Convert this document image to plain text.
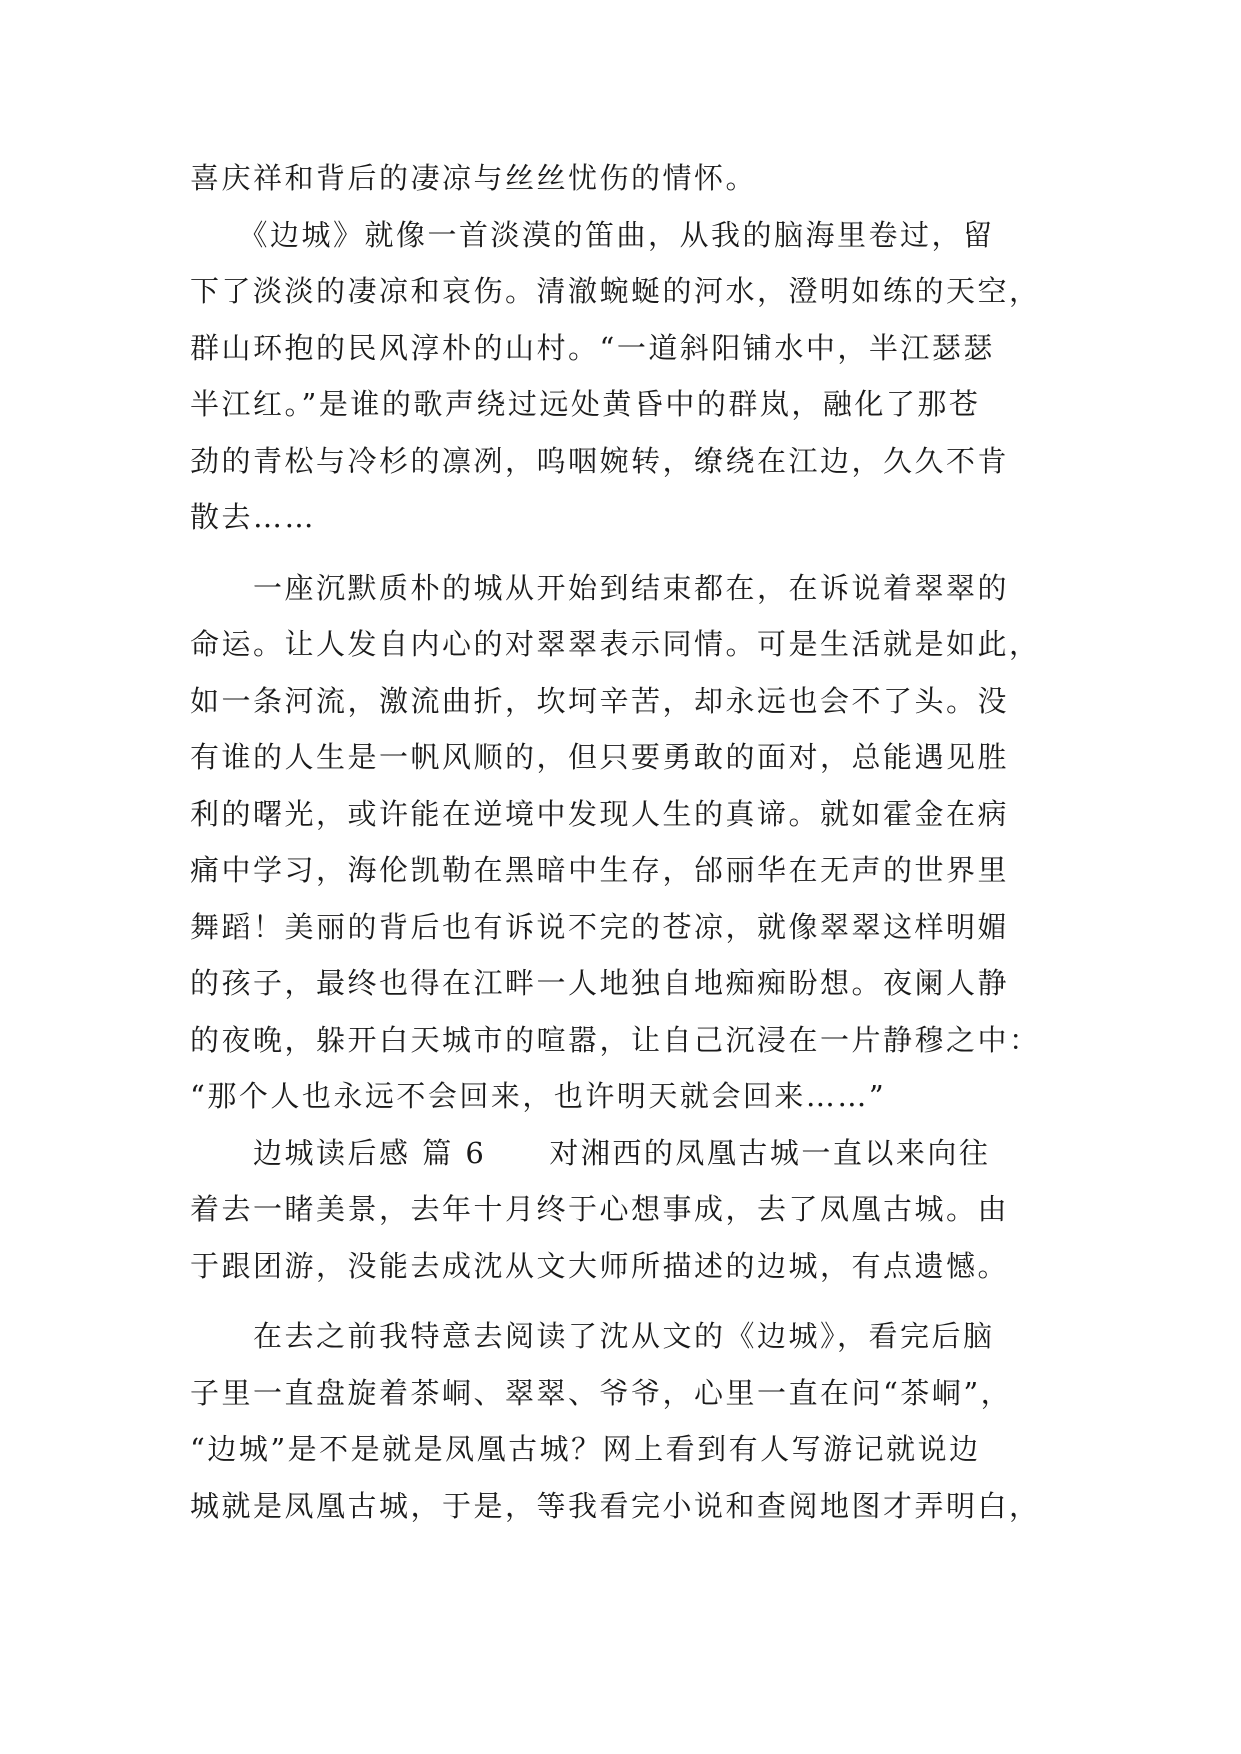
喜庆祥和背后的凄凉与丝丝忧伤的情怀。
　　《边城》就像一首淡漠的笛曲，从我的脑海里卷过，留
下了淡淡的凄凉和哀伤。清澈蜿蜒的河水，澄明如练的天空，
群山环抱的民风淳朴的山村。“一道斜阳铺水中，半江瑟瑟
半江红。”是谁的歌声绕过远处黄昏中的群岚，融化了那苍
劲的青松与冷杉的凛冽，呜咽婉转，缭绕在江边，久久不肯
散去……
　　一座沉默质朴的城从开始到结束都在，在诉说着翠翠的
命运。让人发自内心的对翠翠表示同情。可是生活就是如此，
如一条河流，激流曲折，坎坷辛苦，却永远也会不了头。没
有谁的人生是一帆风顺的，但只要勇敢的面对，总能遇见胜
利的曙光，或许能在逆境中发现人生的真谛。就如霍金在病
痛中学习，海伦凯勒在黑暗中生存，邰丽华在无声的世界里
舞蹈！美丽的背后也有诉说不完的苍凉，就像翠翠这样明媚
的孩子，最终也得在江畔一人地独自地痴痴盼想。夜阑人静
的夜晚，躲开白天城市的喧嚣，让自己沉浸在一片静穆之中：
“那个人也永远不会回来，也许明天就会回来……”
　　边城读后感 篇 6　　对湘西的凤凰古城一直以来向往
着去一睹美景，去年十月终于心想事成，去了凤凰古城。由
于跟团游，没能去成沈从文大师所描述的边城，有点遗憾。
　　在去之前我特意去阅读了沈从文的《边城》，看完后脑
子里一直盘旋着茶峒、翠翠、爷爷，心里一直在问“茶峒”，
“边城”是不是就是凤凰古城？网上看到有人写游记就说边
城就是凤凰古城，于是，等我看完小说和查阅地图才弄明白，
